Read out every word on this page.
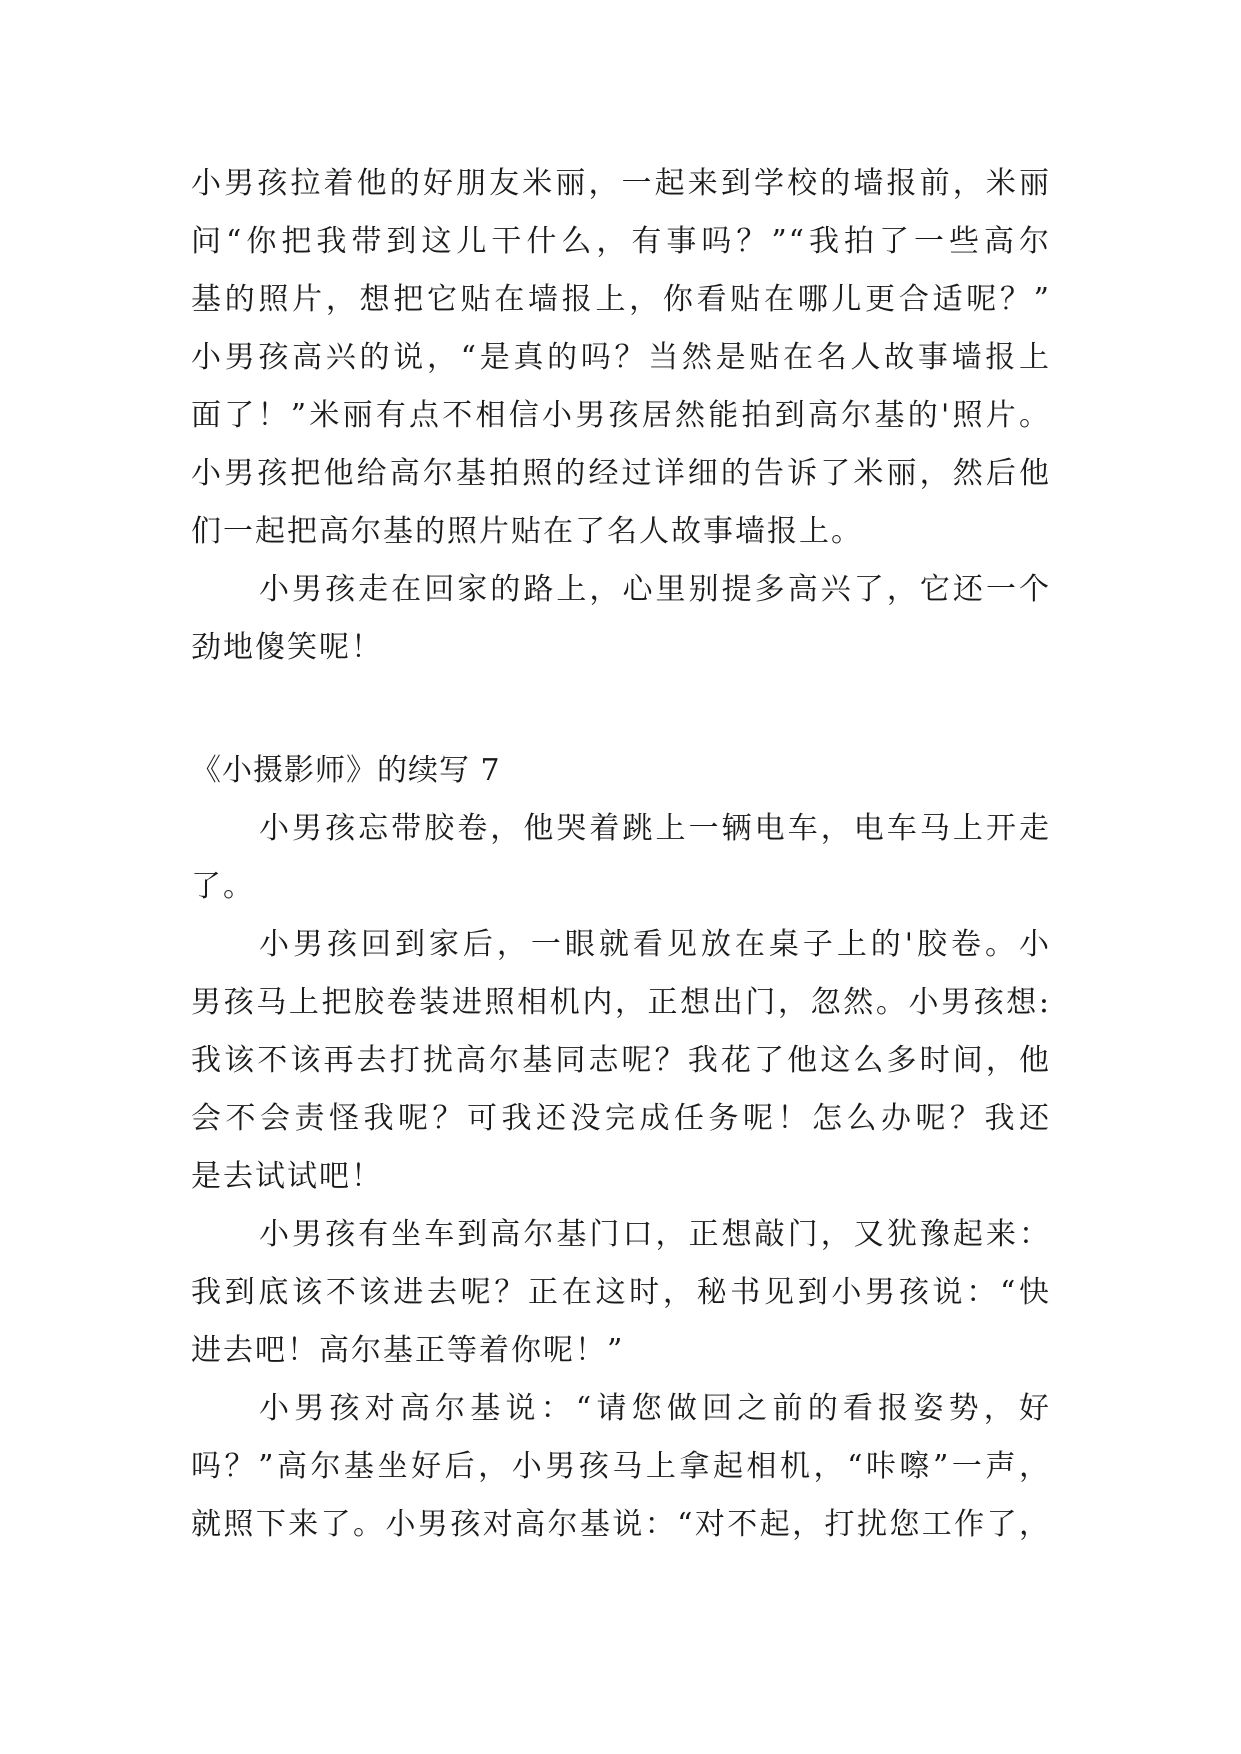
小男孩拉着他的好朋友米丽，一起来到学校的墙报前，米丽
问“你把我带到这儿干什么，有事吗？”“我拍了一些高尔
基的照片，想把它贴在墙报上，你看贴在哪儿更合适呢？”
小男孩高兴的说，“是真的吗？当然是贴在名人故事墙报上
面了！”米丽有点不相信小男孩居然能拍到高尔基的'照片。
小男孩把他给高尔基拍照的经过详细的告诉了米丽，然后他
们一起把高尔基的照片贴在了名人故事墙报上。
小男孩走在回家的路上，心里别提多高兴了，它还一个
劲地傻笑呢！
《小摄影师》的续写 7
小男孩忘带胶卷，他哭着跳上一辆电车，电车马上开走
了。
小男孩回到家后，一眼就看见放在桌子上的'胶卷。小
男孩马上把胶卷装进照相机内，正想出门，忽然。小男孩想:
我该不该再去打扰高尔基同志呢？我花了他这么多时间，他
会不会责怪我呢？可我还没完成任务呢！怎么办呢？我还
是去试试吧！
小男孩有坐车到高尔基门口，正想敲门，又犹豫起来：
我到底该不该进去呢？正在这时，秘书见到小男孩说：“快
进去吧！高尔基正等着你呢！”
小男孩对高尔基说：“请您做回之前的看报姿势，好
吗？”高尔基坐好后，小男孩马上拿起相机，“咔嚓”一声，
就照下来了。小男孩对高尔基说：“对不起，打扰您工作了，
